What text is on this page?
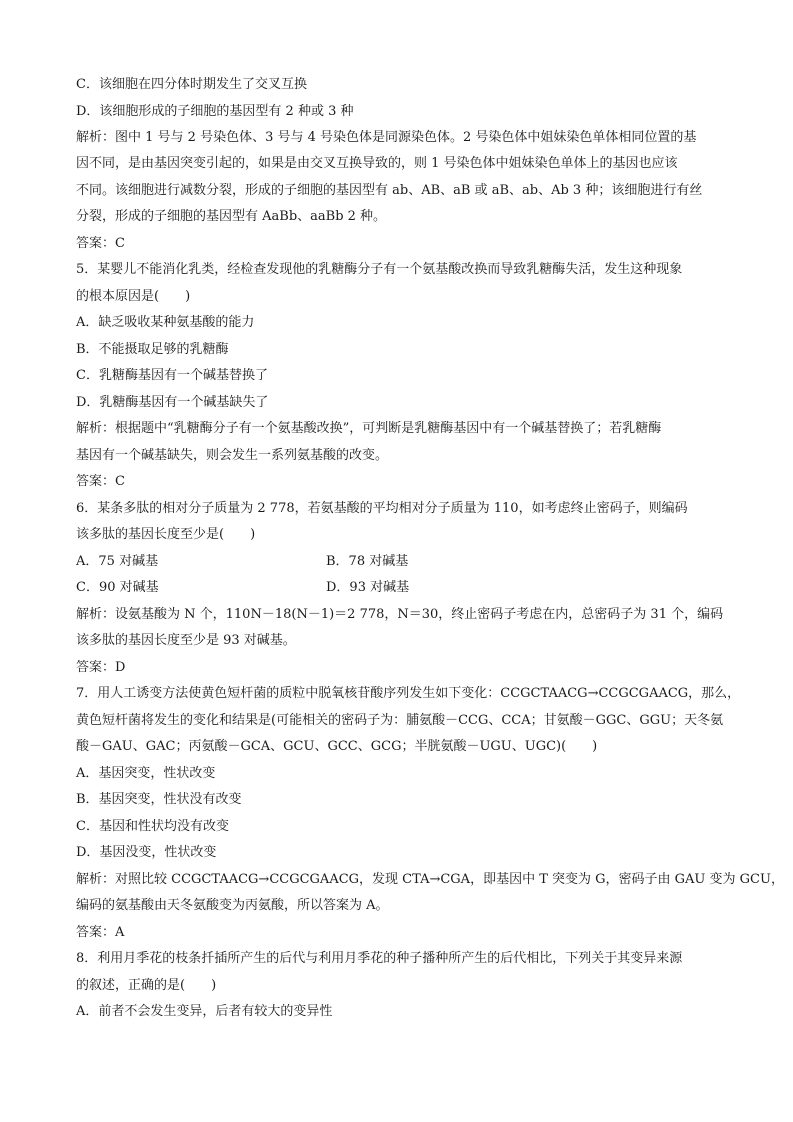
C．该细胞在四分体时期发生了交叉互换
D．该细胞形成的子细胞的基因型有 2 种或 3 种
解析：图中 1 号与 2 号染色体、3 号与 4 号染色体是同源染色体。2 号染色体中姐妹染色单体相同位置的基
因不同，是由基因突变引起的，如果是由交叉互换导致的，则 1 号染色体中姐妹染色单体上的基因也应该
不同。该细胞进行减数分裂，形成的子细胞的基因型有 ab、AB、aB 或 aB、ab、Ab 3 种；该细胞进行有丝
分裂，形成的子细胞的基因型有 AaBb、aaBb 2 种。
答案：C
5．某婴儿不能消化乳类，经检查发现他的乳糖酶分子有一个氨基酸改换而导致乳糖酶失活，发生这种现象
的根本原因是(　　)
A．缺乏吸收某种氨基酸的能力
B．不能摄取足够的乳糖酶
C．乳糖酶基因有一个碱基替换了
D．乳糖酶基因有一个碱基缺失了
解析：根据题中“乳糖酶分子有一个氨基酸改换”，可判断是乳糖酶基因中有一个碱基替换了；若乳糖酶
基因有一个碱基缺失，则会发生一系列氨基酸的改变。
答案：C
6．某条多肽的相对分子质量为 2 778，若氨基酸的平均相对分子质量为 110，如考虑终止密码子，则编码
该多肽的基因长度至少是(　　)
A．75 对碱基	B．78 对碱基
C．90 对碱基	D．93 对碱基
解析：设氨基酸为 N 个，110N－18(N－1)＝2 778，N＝30，终止密码子考虑在内，总密码子为 31 个，编码
该多肽的基因长度至少是 93 对碱基。
答案：D
7．用人工诱变方法使黄色短杆菌的质粒中脱氧核苷酸序列发生如下变化：CCGCTAACG→CCGCGAACG，那么，
黄色短杆菌将发生的变化和结果是(可能相关的密码子为：脯氨酸－CCG、CCA；甘氨酸－GGC、GGU；天冬氨
酸－GAU、GAC；丙氨酸－GCA、GCU、GCC、GCG；半胱氨酸－UGU、UGC)(　　)
A．基因突变，性状改变
B．基因突变，性状没有改变
C．基因和性状均没有改变
D．基因没变，性状改变
解析：对照比较 CCGCTAACG→CCGCGAACG，发现 CTA→CGA，即基因中 T 突变为 G，密码子由 GAU 变为 GCU，
编码的氨基酸由天冬氨酸变为丙氨酸，所以答案为 A。
答案：A
8．利用月季花的枝条扦插所产生的后代与利用月季花的种子播种所产生的后代相比，下列关于其变异来源
的叙述，正确的是(　　)
A．前者不会发生变异，后者有较大的变异性
